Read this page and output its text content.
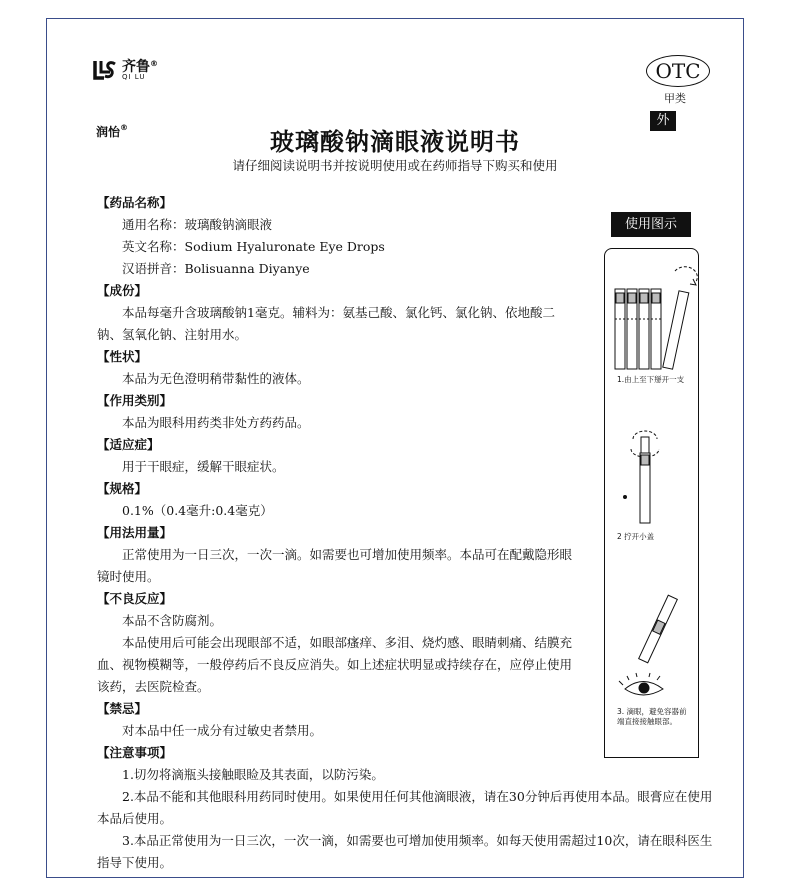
齐鲁®
QI LU
润怡®
OTC
甲类
外
玻璃酸钠滴眼液说明书
请仔细阅读说明书并按说明使用或在药师指导下购买和使用
【药品名称】
通用名称：玻璃酸钠滴眼液
英文名称：Sodium Hyaluronate Eye Drops
汉语拼音：Bolisuanna Diyanye
【成份】
本品每毫升含玻璃酸钠1毫克。辅料为：氨基己酸、氯化钙、氯化钠、依地酸二钠、氢氧化钠、注射用水。
【性状】
本品为无色澄明稍带黏性的液体。
【作用类别】
本品为眼科用药类非处方药药品。
【适应症】
用于干眼症，缓解干眼症状。
【规格】
0.1%（0.4毫升:0.4毫克）
【用法用量】
正常使用为一日三次，一次一滴。如需要也可增加使用频率。本品可在配戴隐形眼镜时使用。
【不良反应】
本品不含防腐剂。
本品使用后可能会出现眼部不适，如眼部瘙痒、多泪、烧灼感、眼睛刺痛、结膜充血、视物模糊等，一般停药后不良反应消失。如上述症状明显或持续存在，应停止使用该药，去医院检查。
【禁忌】
对本品中任一成分有过敏史者禁用。
【注意事项】
1.切勿将滴瓶头接触眼睑及其表面，以防污染。
2.本品不能和其他眼科用药同时使用。如果使用任何其他滴眼液，请在30分钟后再使用本品。眼膏应在使用本品后使用。
3.本品正常使用为一日三次，一次一滴，如需要也可增加使用频率。如每天使用需超过10次，请在眼科医生指导下使用。
使用图示
1.由上至下掰开一支
2 拧开小盖
3. 滴眼，避免容器前端直接接触眼部。
